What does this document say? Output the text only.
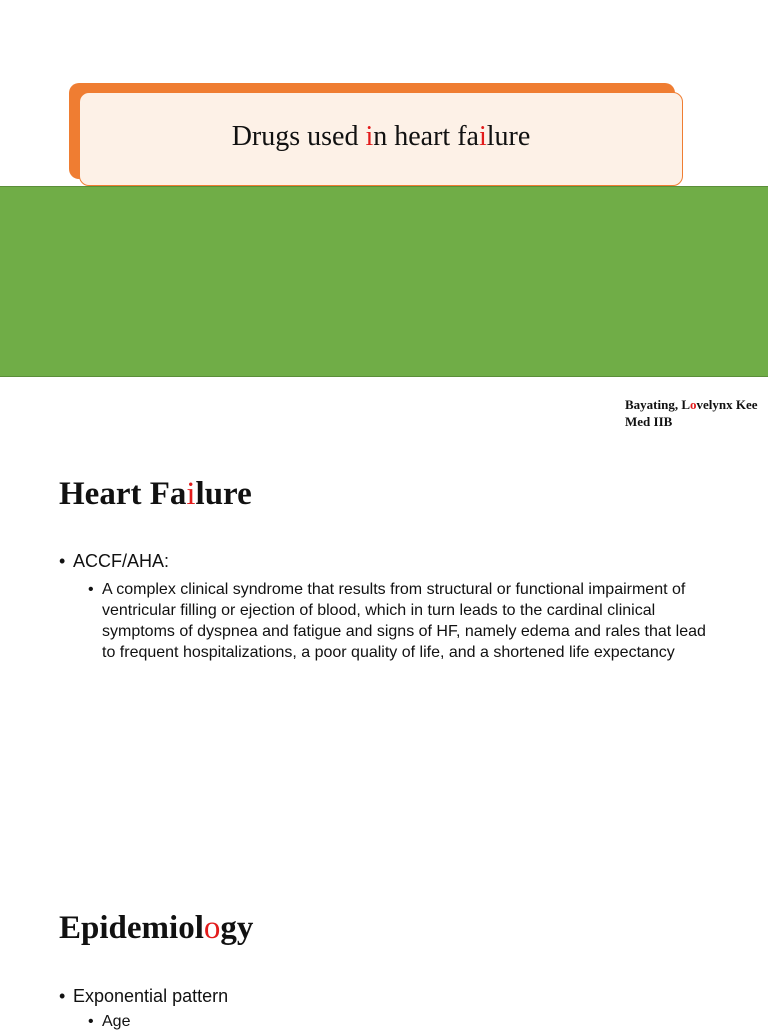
Drugs used in heart failure
Bayating, Lovelynx Kee
Med IIB
Heart Failure
• ACCF/AHA:
• A complex clinical syndrome that results from structural or functional impairment of ventricular filling or ejection of blood, which in turn leads to the cardinal clinical symptoms of dyspnea and fatigue and signs of HF, namely edema and rales that lead to frequent hospitalizations, a poor quality of life, and a shortened life expectancy
Epidemiology
• Exponential pattern
• Age
